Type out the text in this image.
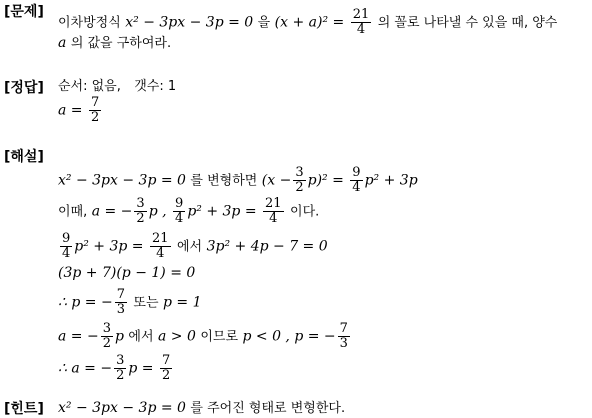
[문제]
이차방정식 x² − 3px − 3p = 0 을 $(x + a)^2 = \frac{21}{4}$ 의 꼴로 나타낼 수 있을 때, 양수
a 의 값을 구하여라.
[정답] 순서: 없음, 갯수: 1
$a = \frac{7}{2}$
[해설]
x² − 3px − 3p = 0 를 변형하면 $(x - \frac{3}{2} p)^2 = \frac{9}{4} p^2 + 3p$
이때, a = − $\frac{3}{2}$ p , $\frac{9}{4} p^2 + 3p = \frac{21}{4}$ 이다.
$\frac{9}{4} p^2 + 3p = \frac{21}{4}$ 에서 3p² + 4p − 7 = 0
(3p + 7)(p − 1) = 0
∴ p = − $\frac{7}{3}$ 또는 p = 1
a = − $\frac{3}{2}$ p 에서 a > 0 이므로 p < 0 , p = − $\frac{7}{3}$
∴ a = − $\frac{3}{2}$ $p = \frac{7}{2}$
[힌트] x² − 3px − 3p = 0 를 주어진 형태로 변형한다.
